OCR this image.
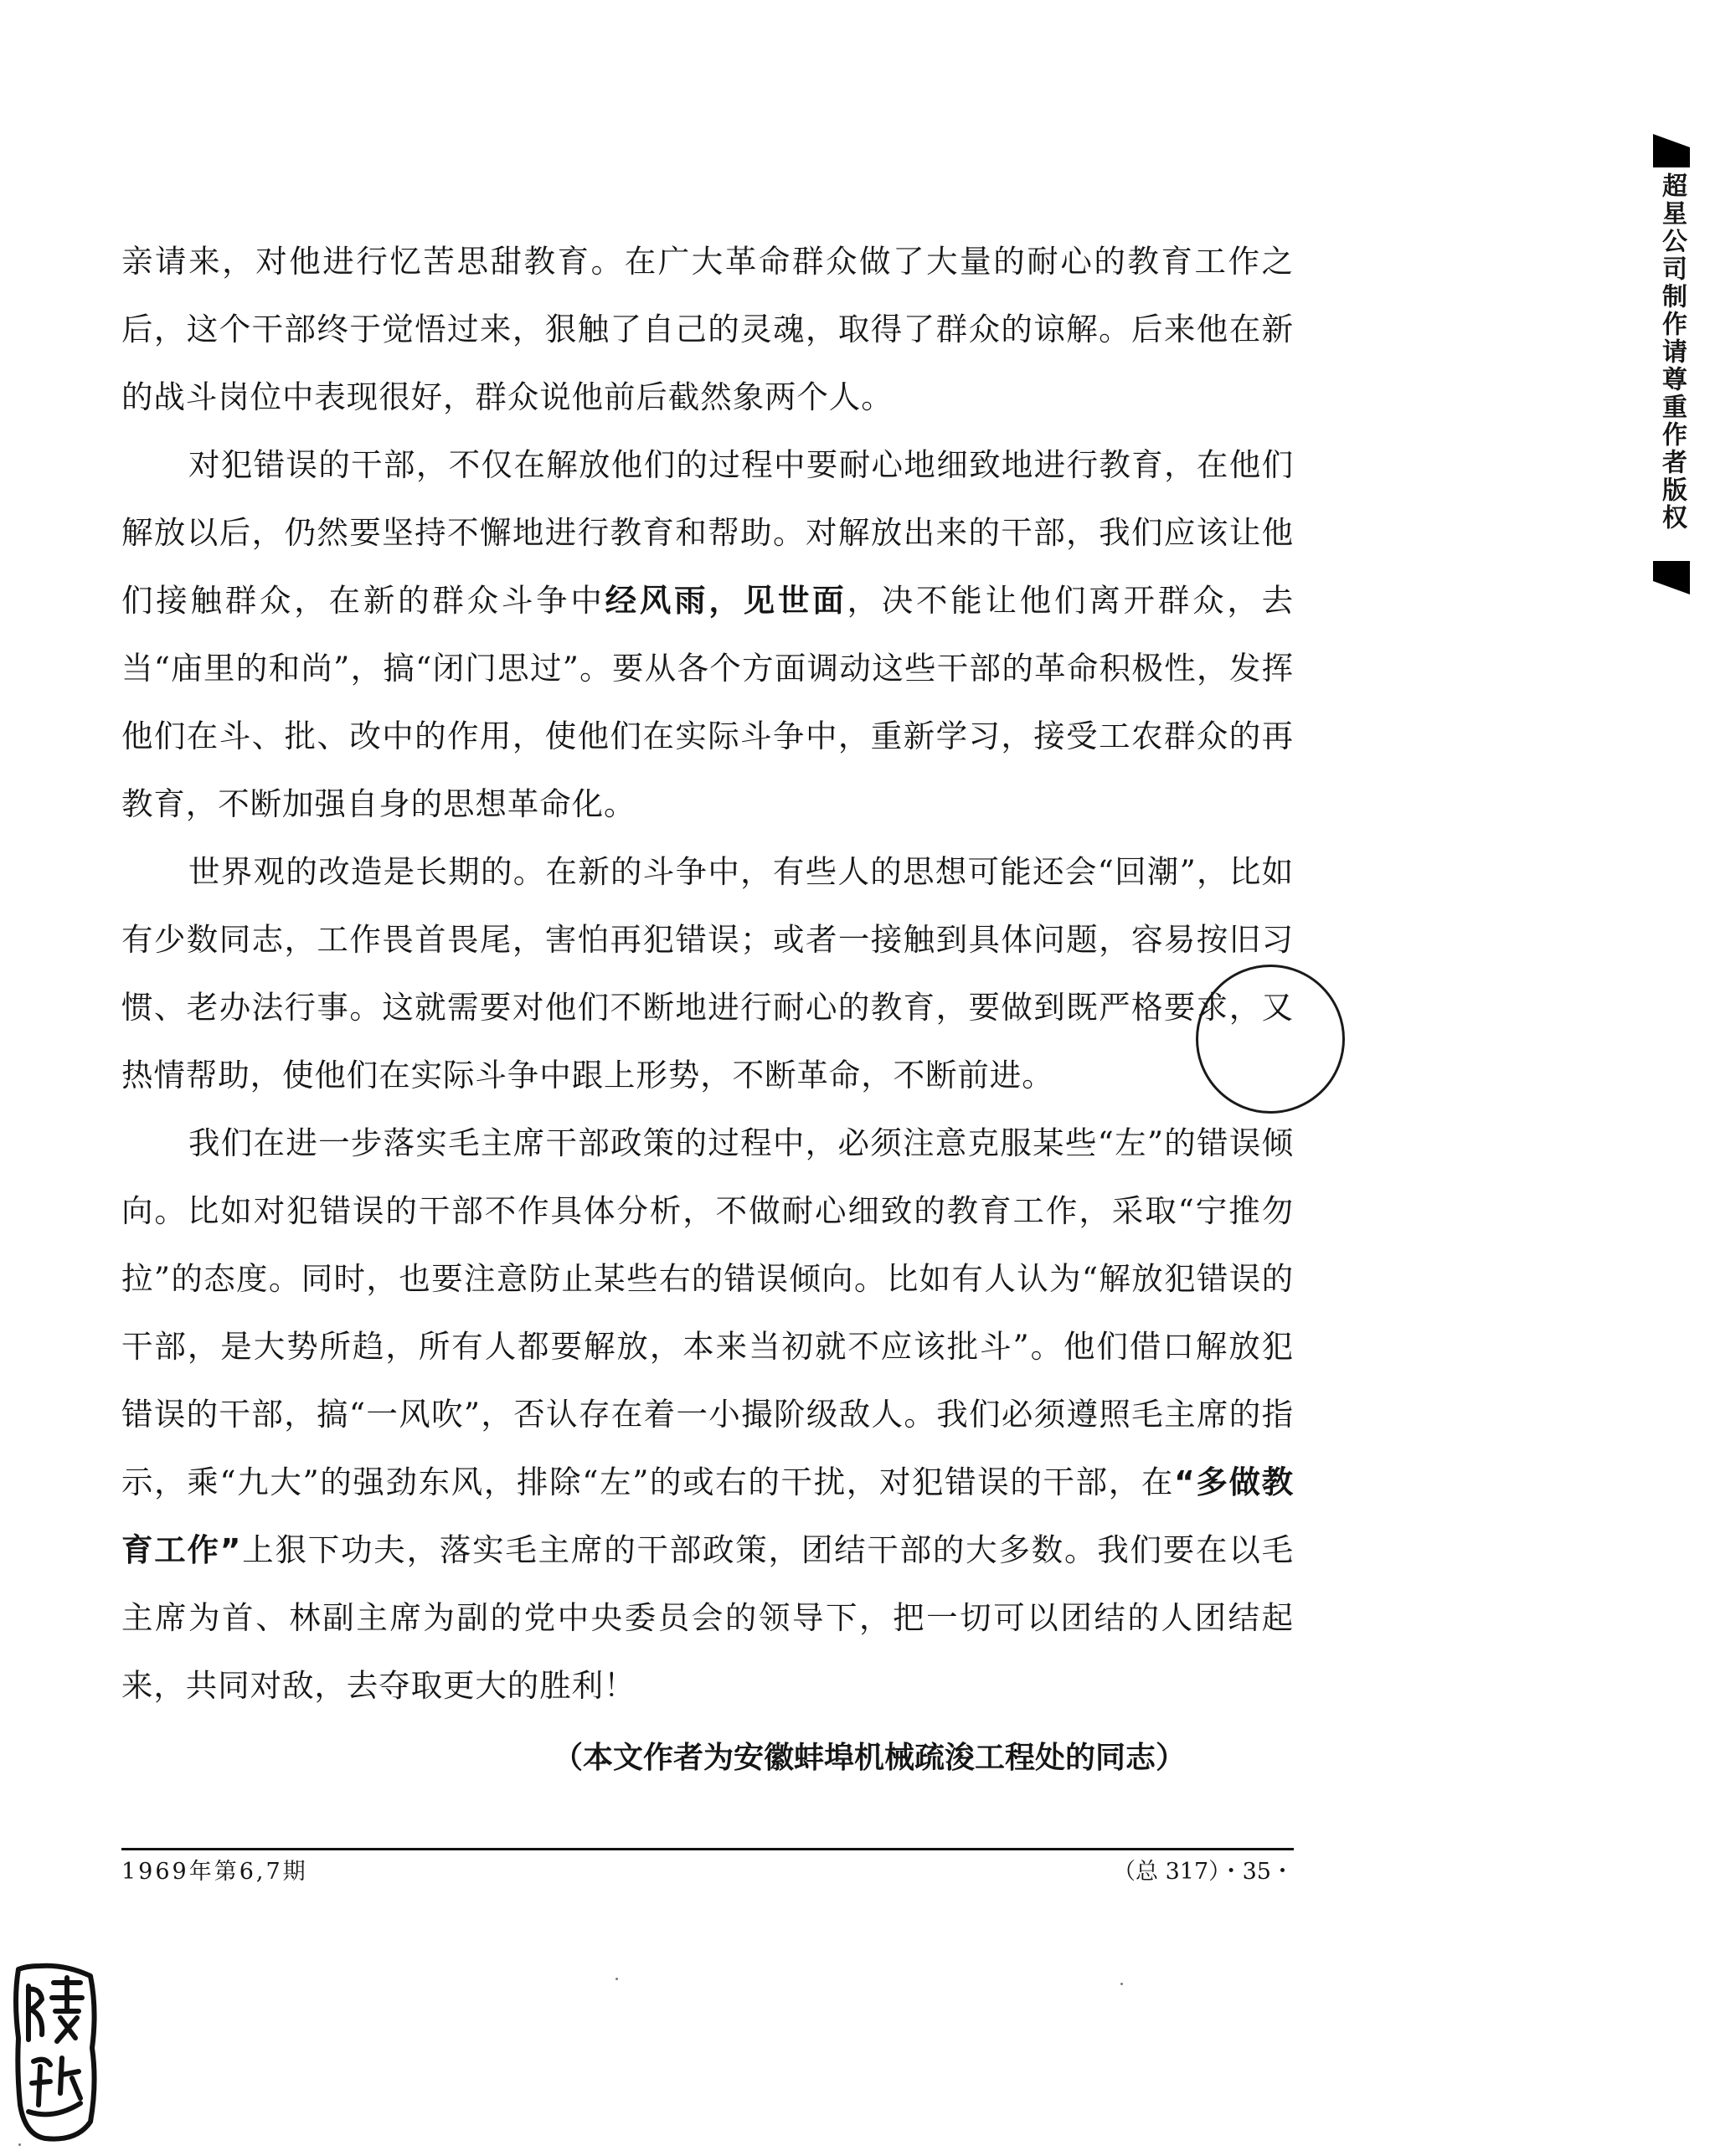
亲请来，对他进行忆苦思甜教育。在广大革命群众做了大量的耐心的教育工作之后，这个干部终于觉悟过来，狠触了自己的灵魂，取得了群众的谅解。后来他在新的战斗岗位中表现很好，群众说他前后截然象两个人。

对犯错误的干部，不仅在解放他们的过程中要耐心地细致地进行教育，在他们解放以后，仍然要坚持不懈地进行教育和帮助。对解放出来的干部，我们应该让他们接触群众，在新的群众斗争中经风雨，见世面，决不能让他们离开群众，去当“庙里的和尚”，搞“闭门思过”。要从各个方面调动这些干部的革命积极性，发挥他们在斗、批、改中的作用，使他们在实际斗争中，重新学习，接受工农群众的再教育，不断加强自身的思想革命化。

世界观的改造是长期的。在新的斗争中，有些人的思想可能还会“回潮”，比如有少数同志，工作畏首畏尾，害怕再犯错误；或者一接触到具体问题，容易按旧习惯、老办法行事。这就需要对他们不断地进行耐心的教育，要做到既严格要求，又热情帮助，使他们在实际斗争中跟上形势，不断革命，不断前进。

我们在进一步落实毛主席干部政策的过程中，必须注意克服某些“左”的错误倾向。比如对犯错误的干部不作具体分析，不做耐心细致的教育工作，采取“宁推勿拉”的态度。同时，也要注意防止某些右的错误倾向。比如有人认为“解放犯错误的干部，是大势所趋，所有人都要解放，本来当初就不应该批斗”。他们借口解放犯错误的干部，搞“一风吹”，否认存在着一小撮阶级敌人。我们必须遵照毛主席的指示，乘“九大”的强劲东风，排除“左”的或右的干扰，对犯错误的干部，在“多做教育工作”上狠下功夫，落实毛主席的干部政策，团结干部的大多数。我们要在以毛主席为首、林副主席为副的党中央委员会的领导下，把一切可以团结的人团结起来，共同对敌，去夺取更大的胜利！

（本文作者为安徽蚌埠机械疏浚工程处的同志）

1969年第6,7期	（总 317）・35・

超星公司制作请尊重作者版权
